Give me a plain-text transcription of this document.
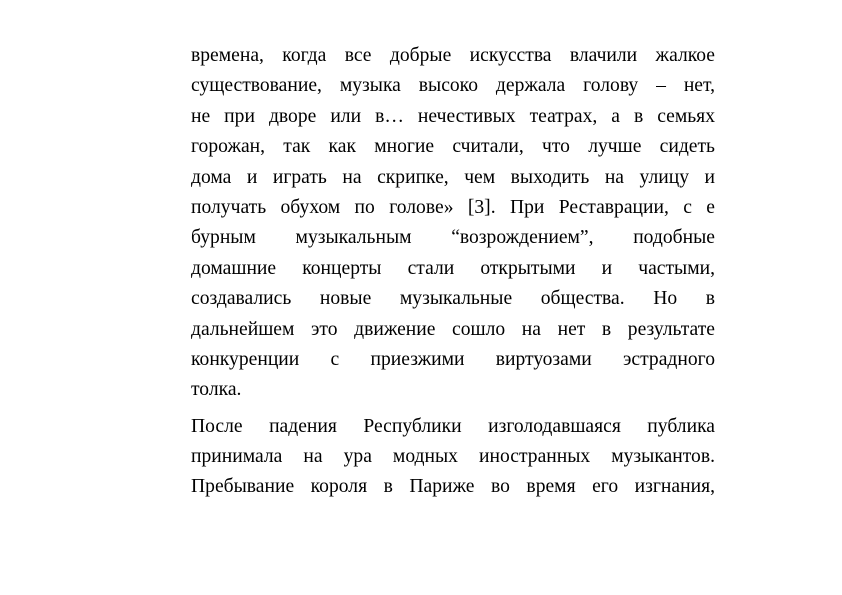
времена, когда все добрые искусства влачили жалкое
существование, музыка высоко держала голову – нет,
не при дворе или в… нечестивых театрах, а в семьях
горожан, так как многие считали, что лучше сидеть
дома и играть на скрипке, чем выходить на улицу и
получать обухом по голове» [3]. При Реставрации, с е
бурным музыкальным “возрождением”, подобные
домашние концерты стали открытыми и частыми,
создавались новые музыкальные общества. Но в
дальнейшем это движение сошло на нет в результате
конкуренции с приезжими виртуозами эстрадного
толка.
После падения Республики изголодавшаяся публика
принимала на ура модных иностранных музыкантов.
Пребывание короля в Париже во время его изгнания,
